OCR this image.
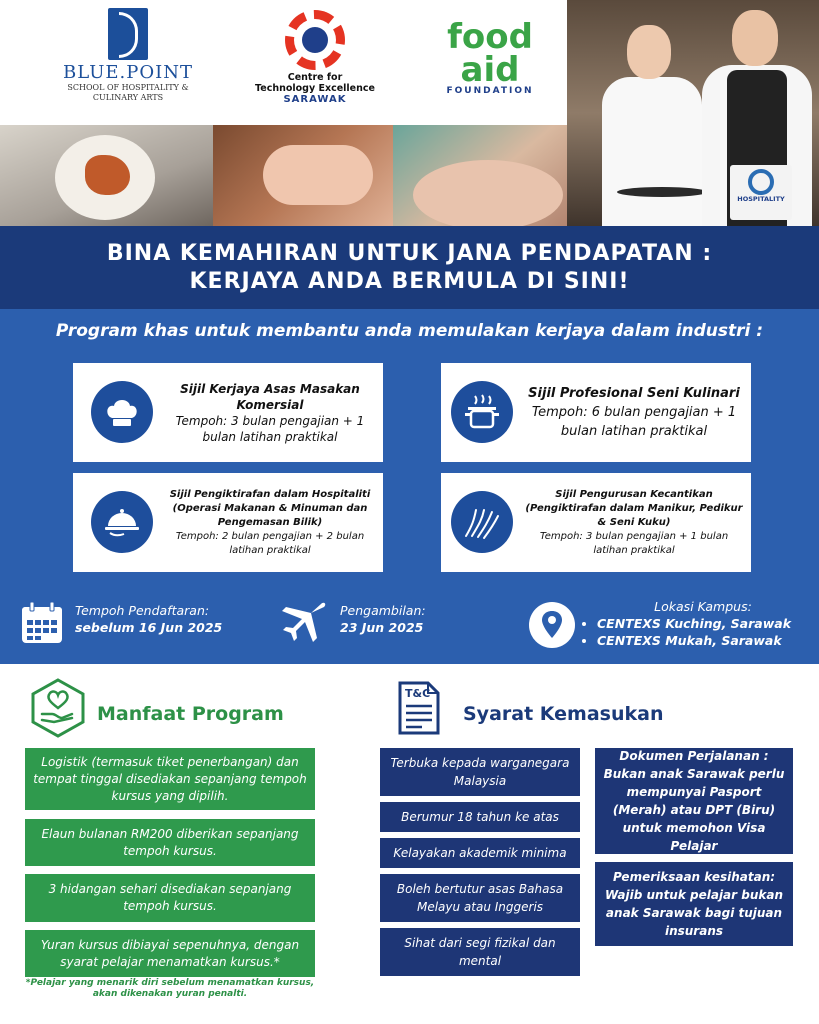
BLUE.POINT
SCHOOL OF HOSPITALITY &
CULINARY ARTS
Centre for
Technology Excellence
SARAWAK
food
aid
FOUNDATION
HOSPITALITY
BINA KEMAHIRAN UNTUK JANA PENDAPATAN :
KERJAYA ANDA BERMULA DI SINI!
Program khas untuk membantu anda memulakan kerjaya dalam industri :
Sijil Kerjaya Asas Masakan Komersial
Tempoh: 3 bulan pengajian + 1 bulan latihan praktikal
Sijil Profesional Seni Kulinari
Tempoh: 6 bulan pengajian + 1 bulan latihan praktikal
Sijil Pengiktirafan dalam Hospitaliti (Operasi Makanan & Minuman dan Pengemasan Bilik)
Tempoh: 2 bulan pengajian + 2 bulan latihan praktikal
Sijil Pengurusan Kecantikan (Pengiktirafan dalam Manikur, Pedikur & Seni Kuku)
Tempoh: 3 bulan pengajian + 1 bulan latihan praktikal
Tempoh Pendaftaran:
sebelum 16 Jun 2025
Pengambilan:
23 Jun 2025
Lokasi Kampus:
• CENTEXS Kuching, Sarawak
• CENTEXS Mukah, Sarawak
Manfaat Program
Logistik (termasuk tiket penerbangan) dan tempat tinggal disediakan sepanjang tempoh kursus yang dipilih.
Elaun bulanan RM200 diberikan sepanjang tempoh kursus.
3 hidangan sehari disediakan sepanjang tempoh kursus.
Yuran kursus dibiayai sepenuhnya, dengan syarat pelajar menamatkan kursus.*
*Pelajar yang menarik diri sebelum menamatkan kursus, akan dikenakan yuran penalti.
T&C
Syarat Kemasukan
Terbuka kepada warganegara Malaysia
Berumur 18 tahun ke atas
Kelayakan akademik minima
Boleh bertutur asas Bahasa Melayu atau Inggeris
Sihat dari segi fizikal dan mental
Dokumen Perjalanan : Bukan anak Sarawak perlu mempunyai Pasport (Merah) atau DPT (Biru) untuk memohon Visa Pelajar
Pemeriksaan kesihatan: Wajib untuk pelajar bukan anak Sarawak bagi tujuan insurans
